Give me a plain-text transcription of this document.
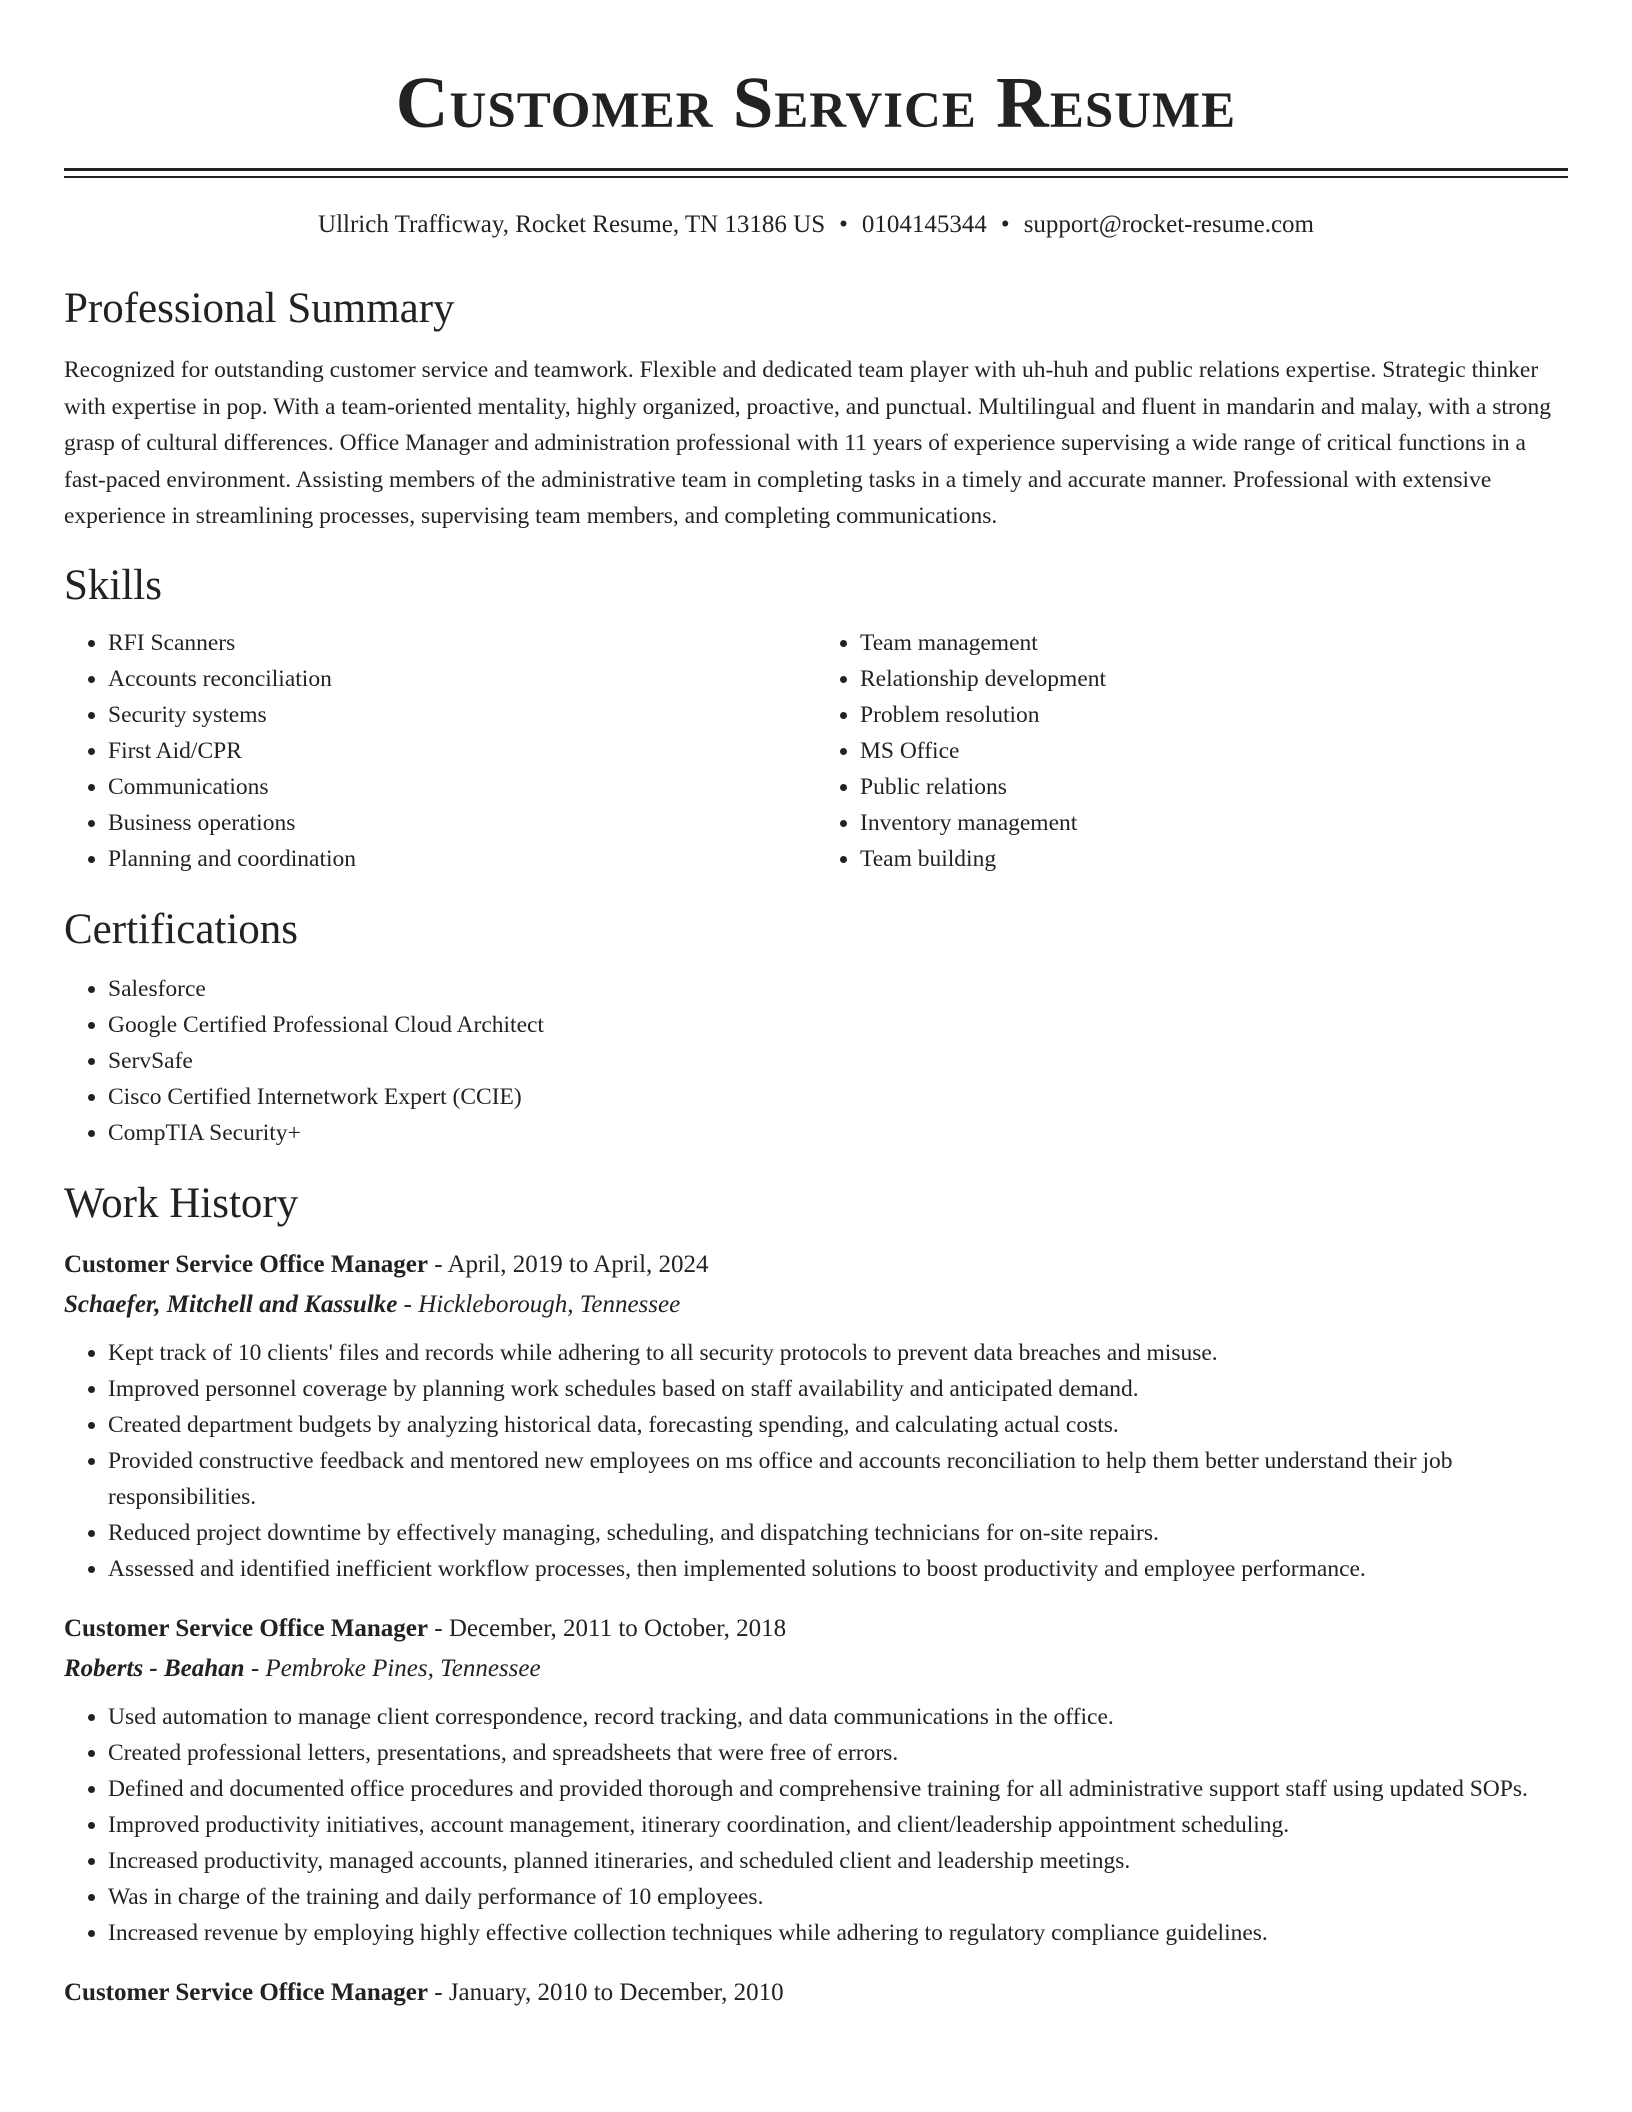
Customer Service Resume
Ullrich Trafficway, Rocket Resume, TN 13186 US • 0104145344 • support@rocket-resume.com
Professional Summary

Recognized for outstanding customer service and teamwork. Flexible and dedicated team player with uh-huh and public relations expertise. Strategic thinker with expertise in pop. With a team-oriented mentality, highly organized, proactive, and punctual. Multilingual and fluent in mandarin and malay, with a strong grasp of cultural differences. Office Manager and administration professional with 11 years of experience supervising a wide range of critical functions in a fast-paced environment. Assisting members of the administrative team in completing tasks in a timely and accurate manner. Professional with extensive experience in streamlining processes, supervising team members, and completing communications.

Skills
• RFI Scanners
• Accounts reconciliation
• Security systems
• First Aid/CPR
• Communications
• Business operations
• Planning and coordination
• Team management
• Relationship development
• Problem resolution
• MS Office
• Public relations
• Inventory management
• Team building
Certifications
• Salesforce
• Google Certified Professional Cloud Architect
• ServSafe
• Cisco Certified Internetwork Expert (CCIE)
• CompTIA Security+
Work History
Customer Service Office Manager - April, 2019 to April, 2024
Schaefer, Mitchell and Kassulke - Hickleborough, Tennessee
• Kept track of 10 clients' files and records while adhering to all security protocols to prevent data breaches and misuse.
• Improved personnel coverage by planning work schedules based on staff availability and anticipated demand.
• Created department budgets by analyzing historical data, forecasting spending, and calculating actual costs.
• Provided constructive feedback and mentored new employees on ms office and accounts reconciliation to help them better understand their job responsibilities.
• Reduced project downtime by effectively managing, scheduling, and dispatching technicians for on-site repairs.
• Assessed and identified inefficient workflow processes, then implemented solutions to boost productivity and employee performance.
Customer Service Office Manager - December, 2011 to October, 2018
Roberts - Beahan - Pembroke Pines, Tennessee
• Used automation to manage client correspondence, record tracking, and data communications in the office.
• Created professional letters, presentations, and spreadsheets that were free of errors.
• Defined and documented office procedures and provided thorough and comprehensive training for all administrative support staff using updated SOPs.
• Improved productivity initiatives, account management, itinerary coordination, and client/leadership appointment scheduling.
• Increased productivity, managed accounts, planned itineraries, and scheduled client and leadership meetings.
• Was in charge of the training and daily performance of 10 employees.
• Increased revenue by employing highly effective collection techniques while adhering to regulatory compliance guidelines.
Customer Service Office Manager - January, 2010 to December, 2010
